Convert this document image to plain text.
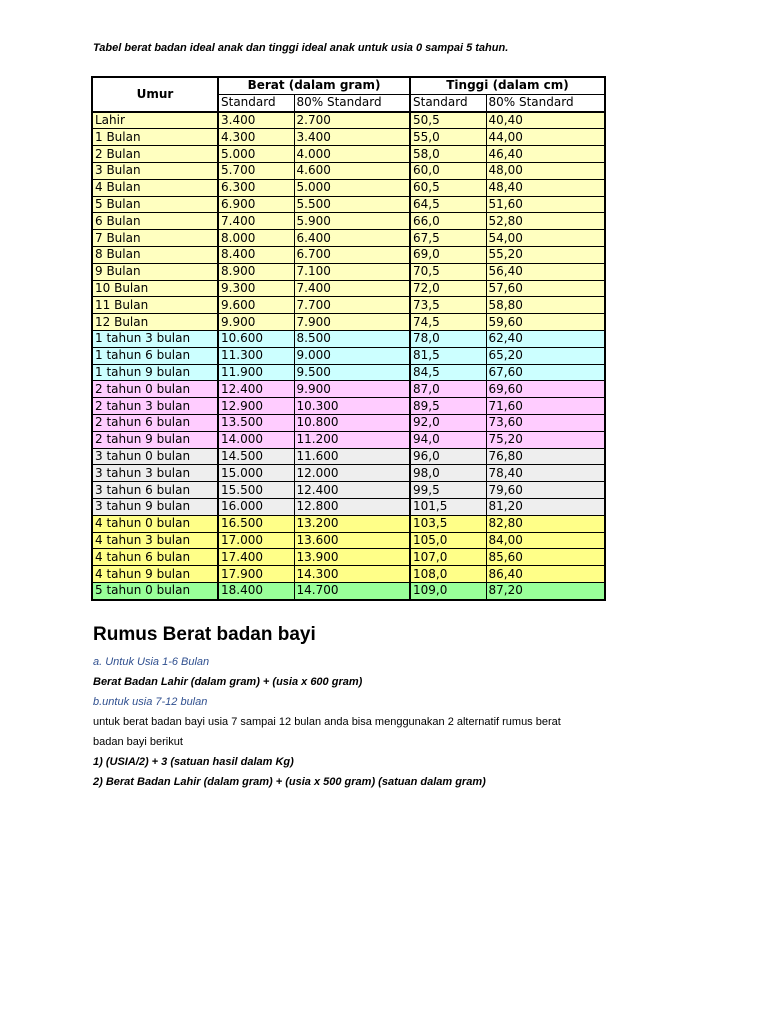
Tabel berat badan ideal anak dan tinggi ideal anak untuk usia 0 sampai 5 tahun.
Umur	Berat (dalam gram)		Tinggi (dalam cm)	
	Standard	80% Standard	Standard	80% Standard
Lahir	3.400	2.700	50,5	40,40
1 Bulan	4.300	3.400	55,0	44,00
2 Bulan	5.000	4.000	58,0	46,40
3 Bulan	5.700	4.600	60,0	48,00
4 Bulan	6.300	5.000	60,5	48,40
5 Bulan	6.900	5.500	64,5	51,60
6 Bulan	7.400	5.900	66,0	52,80
7 Bulan	8.000	6.400	67,5	54,00
8 Bulan	8.400	6.700	69,0	55,20
9 Bulan	8.900	7.100	70,5	56,40
10 Bulan	9.300	7.400	72,0	57,60
11 Bulan	9.600	7.700	73,5	58,80
12 Bulan	9.900	7.900	74,5	59,60
1 tahun 3 bulan	10.600	8.500	78,0	62,40
1 tahun 6 bulan	11.300	9.000	81,5	65,20
1 tahun 9 bulan	11.900	9.500	84,5	67,60
2 tahun 0 bulan	12.400	9.900	87,0	69,60
2 tahun 3 bulan	12.900	10.300	89,5	71,60
2 tahun 6 bulan	13.500	10.800	92,0	73,60
2 tahun 9 bulan	14.000	11.200	94,0	75,20
3 tahun 0 bulan	14.500	11.600	96,0	76,80
3 tahun 3 bulan	15.000	12.000	98,0	78,40
3 tahun 6 bulan	15.500	12.400	99,5	79,60
3 tahun 9 bulan	16.000	12.800	101,5	81,20
4 tahun 0 bulan	16.500	13.200	103,5	82,80
4 tahun 3 bulan	17.000	13.600	105,0	84,00
4 tahun 6 bulan	17.400	13.900	107,0	85,60
4 tahun 9 bulan	17.900	14.300	108,0	86,40
5 tahun 0 bulan	18.400	14.700	109,0	87,20
Rumus Berat badan bayi

a. Untuk Usia 1-6 Bulan

Berat Badan Lahir (dalam gram) + (usia x 600 gram)

b.untuk usia 7-12 bulan

untuk berat badan bayi usia 7 sampai 12 bulan anda bisa menggunakan 2 alternatif rumus berat

badan bayi berikut

1) (USIA/2) + 3 (satuan hasil dalam Kg)

2) Berat Badan Lahir (dalam gram) + (usia x 500 gram) (satuan dalam gram)
